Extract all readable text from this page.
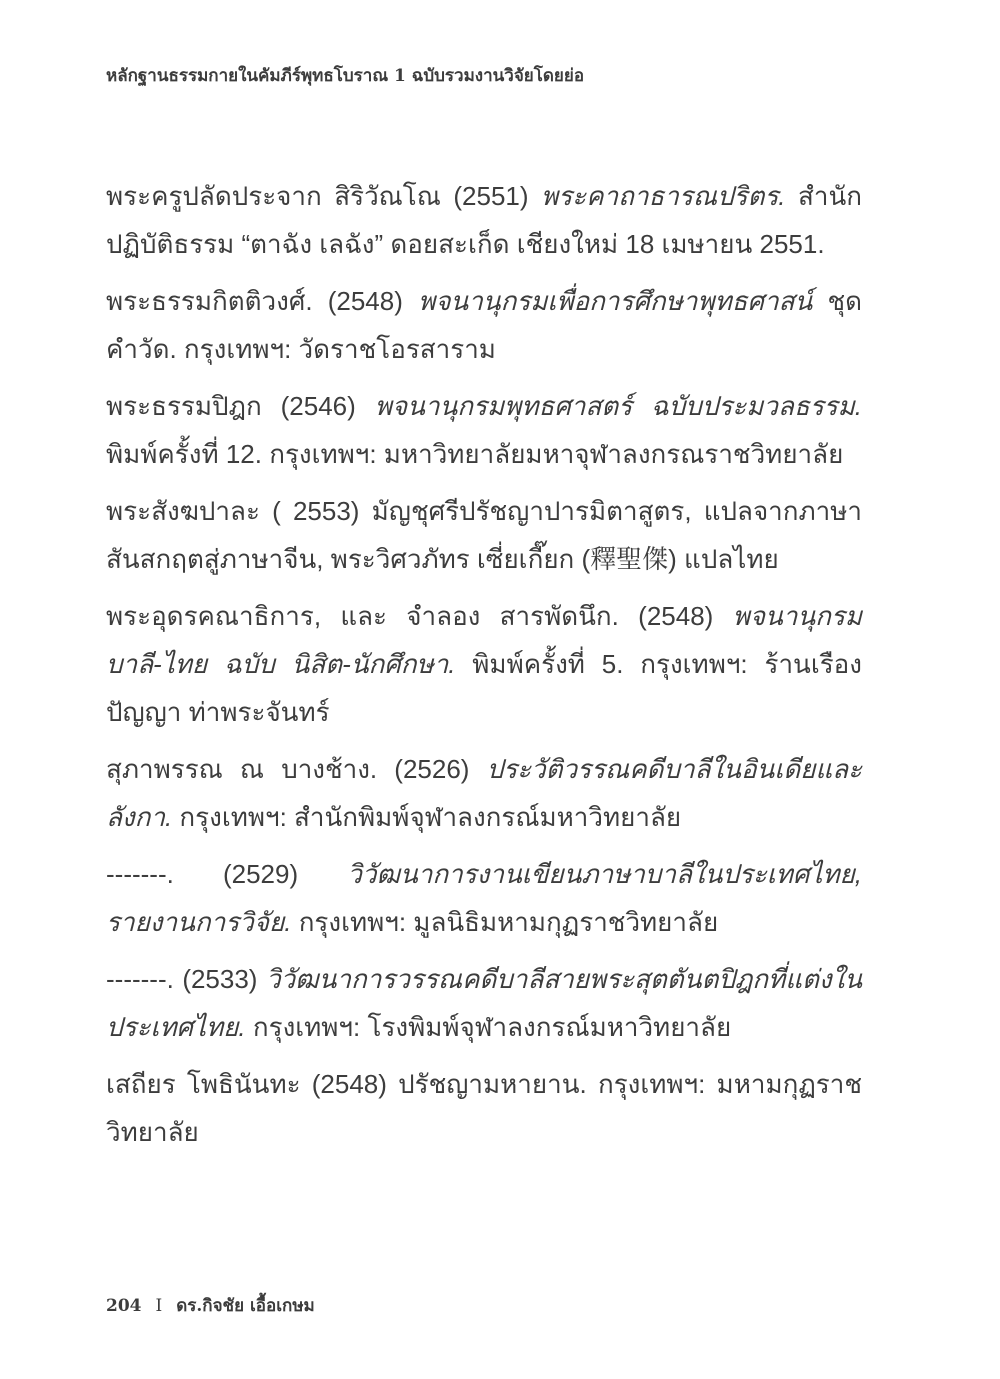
หลักฐานธรรมกายในคัมภีร์พุทธโบราณ 1 ฉบับรวมงานวิจัยโดยย่อ

พระครูปลัดประจาก สิริวัณโณ (2551) พระคาถาธารณปริตร. สำนักปฏิบัติธรรม “ตาฉัง เลฉัง” ดอยสะเก็ด เชียงใหม่ 18 เมษายน 2551.

พระธรรมกิตติวงศ์. (2548) พจนานุกรมเพื่อการศึกษาพุทธศาสน์ ชุด คำวัด. กรุงเทพฯ: วัดราชโอรสาราม

พระธรรมปิฎก (2546) พจนานุกรมพุทธศาสตร์ ฉบับประมวลธรรม. พิมพ์ครั้งที่ 12. กรุงเทพฯ: มหาวิทยาลัยมหาจุฬาลงกรณราชวิทยาลัย

พระสังฆปาละ ( 2553) มัญชุศรีปรัชญาปารมิตาสูตร, แปลจากภาษาสันสกฤตสู่ภาษาจีน, พระวิศวภัทร เซี่ยเกี๊ยก (釋聖傑) แปลไทย

พระอุดรคณาธิการ, และ จำลอง สารพัดนึก. (2548) พจนานุกรม บาลี-ไทย ฉบับ นิสิต-นักศึกษา. พิมพ์ครั้งที่ 5. กรุงเทพฯ: ร้านเรืองปัญญา ท่าพระจันทร์

สุภาพรรณ ณ บางช้าง. (2526) ประวัติวรรณคดีบาลีในอินเดียและลังกา. กรุงเทพฯ: สำนักพิมพ์จุฬาลงกรณ์มหาวิทยาลัย

-------. (2529) วิวัฒนาการงานเขียนภาษาบาลีในประเทศไทย, รายงานการวิจัย. กรุงเทพฯ: มูลนิธิมหามกุฏราชวิทยาลัย

-------. (2533) วิวัฒนาการวรรณคดีบาลีสายพระสุตตันตปิฎกที่แต่งในประเทศไทย. กรุงเทพฯ: โรงพิมพ์จุฬาลงกรณ์มหาวิทยาลัย

เสถียร โพธินันทะ (2548) ปรัชญามหายาน. กรุงเทพฯ: มหามกุฏราชวิทยาลัย

204 I ดร.กิจชัย เอื้อเกษม
